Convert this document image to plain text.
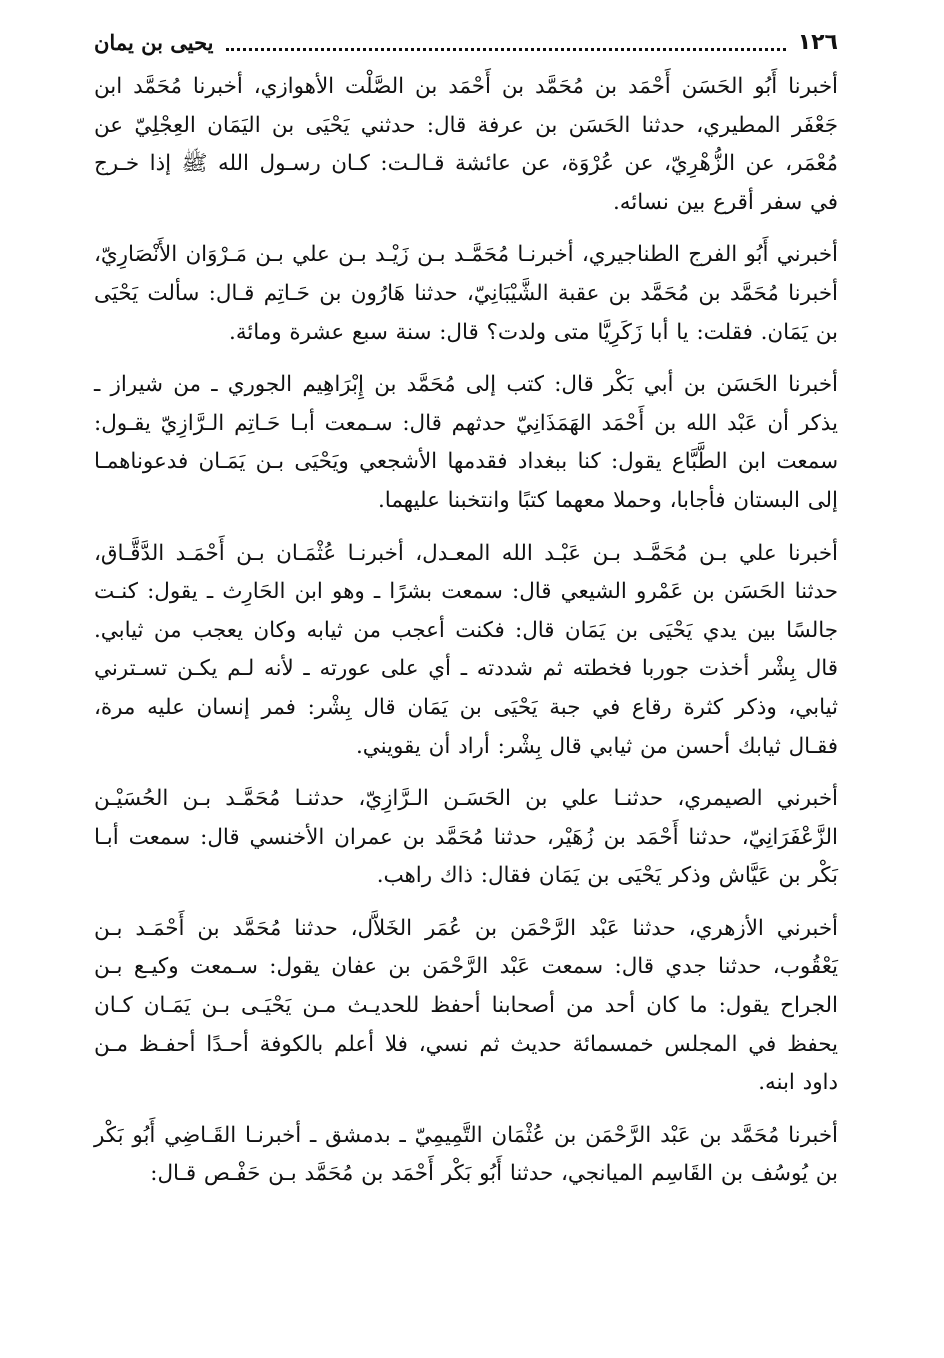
١٢٦
يحيى بن يمان

أخبرنا أَبُو الحَسَن أَحْمَد بن مُحَمَّد بن أَحْمَد بن الصَّلْت الأهوازي، أخبرنا مُحَمَّد ابن جَعْفَر المطيري، حدثنا الحَسَن بن عرفة قال: حدثني يَحْيَى بن اليَمَان العِجْلِيّ عن مُعْمَر، عن الزُّهْرِيّ، عن عُرْوَة، عن عائشة قـالـت: كـان رسـول الله ﷺ إذا خـرج في سفر أقرع بين نسائه.

أخبرني أَبُو الفرج الطناجيري، أخبرنـا مُحَمَّـد بـن زَيْـد بـن علي بـن مَـرْوَان الأَنْصَارِيّ، أخبرنا مُحَمَّد بن مُحَمَّد بن عقبة الشَّيْبَانِيّ، حدثنا هَارُون بن حَـاتِم قـال: سألت يَحْيَى بن يَمَان. فقلت: يا أبا زَكَرِيَّا متى ولدت؟ قال: سنة سبع عشرة ومائة.

أخبرنا الحَسَن بن أبي بَكْر قال: كتب إلى مُحَمَّد بن إِبْرَاهِيم الجوري ـ من شيراز ـ يذكر أن عَبْد الله بن أَحْمَد الهَمَذَانِيّ حدثهم قال: سـمعت أبـا حَـاتِم الـرَّازِيّ يقـول: سمعت ابن الطَّبَّاع يقول: كنا ببغداد فقدمها الأشجعي ويَحْيَى بـن يَمَـان فدعوناهمـا إلى البستان فأجابا، وحملا معهما كتبًا وانتخبنا عليهما.

أخبرنا علي بـن مُحَمَّـد بـن عَبْـد الله المعـدل، أخبرنـا عُثْمَـان بـن أَحْمَـد الدَّقَّـاق، حدثنا الحَسَن بن عَمْرو الشيعي قال: سمعت بشرًا ـ وهو ابن الحَارِث ـ يقول: كنـت جالسًا بين يدي يَحْيَى بن يَمَان قال: فكنت أعجب من ثيابه وكان يعجب من ثيابي. قال بِشْر أخذت جوربا فخطته ثم شددته ـ أي على عورته ـ لأنه لـم يكـن تسـترني ثيابي، وذكر كثرة رقاع في جبة يَحْيَى بن يَمَان قال بِشْر: فمر إنسان عليه مرة، فقـال ثيابك أحسن من ثيابي قال بِشْر: أراد أن يقويني.

أخبرني الصيمري، حدثنـا علي بن الحَسَـن الـرَّازِيّ، حدثنـا مُحَمَّـد بـن الحُسَيْـن الزَّعْفَرَانِيّ، حدثنا أَحْمَد بن زُهَيْر، حدثنا مُحَمَّد بن عمران الأخنسي قال: سمعت أبـا بَكْر بن عَيَّاش وذكر يَحْيَى بن يَمَان فقال: ذاك راهب.

أخبرني الأزهري، حدثنا عَبْد الرَّحْمَن بن عُمَر الخَلاَّل، حدثنا مُحَمَّد بن أَحْمَـد بـن يَعْقُوب، حدثنا جدي قال: سمعت عَبْد الرَّحْمَن بن عفان يقول: سـمعت وكيـع بـن الجراح يقول: ما كان أحد من أصحابنا أحفظ للحديـث مـن يَحْيَـى بـن يَمَـان كـان يحفظ في المجلس خمسمائة حديث ثم نسي، فلا أعلم بالكوفة أحـدًا أحفـظ مـن داود ابنه.

أخبرنا مُحَمَّد بن عَبْد الرَّحْمَن بن عُثْمَان التَّمِيمِيّ ـ بدمشق ـ أخبرنـا القَـاضِي أَبُو بَكْر بن يُوسُف بن القَاسِم الميانجي، حدثنا أَبُو بَكْر أَحْمَد بن مُحَمَّد بـن حَفْـص قـال:
